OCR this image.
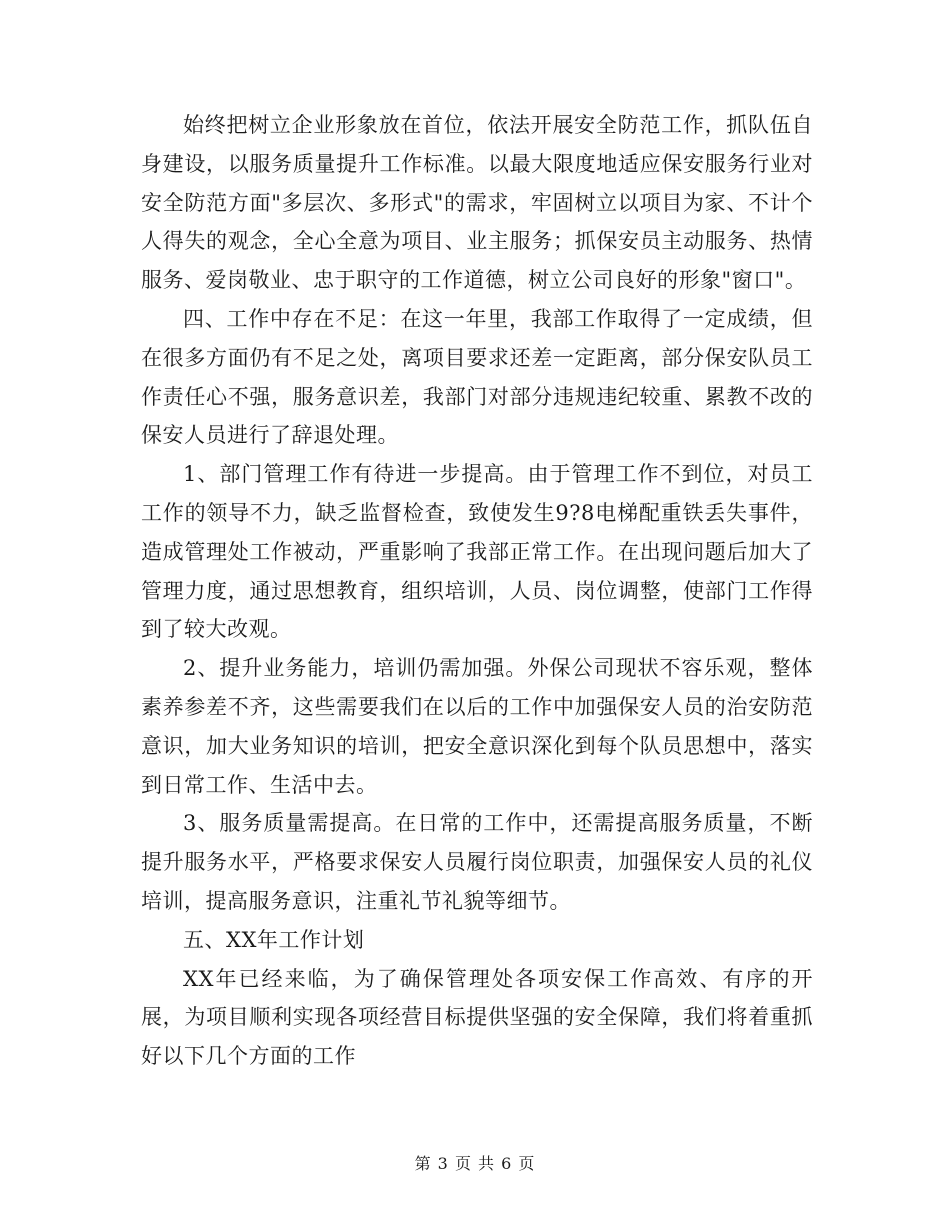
始终把树立企业形象放在首位，依法开展安全防范工作，抓队伍自身建设，以服务质量提升工作标准。以最大限度地适应保安服务行业对安全防范方面"多层次、多形式"的需求，牢固树立以项目为家、不计个人得失的观念，全心全意为项目、业主服务；抓保安员主动服务、热情服务、爱岗敬业、忠于职守的工作道德，树立公司良好的形象"窗口"。

四、工作中存在不足：在这一年里，我部工作取得了一定成绩，但在很多方面仍有不足之处，离项目要求还差一定距离，部分保安队员工作责任心不强，服务意识差，我部门对部分违规违纪较重、累教不改的保安人员进行了辞退处理。

1、部门管理工作有待进一步提高。由于管理工作不到位，对员工工作的领导不力，缺乏监督检查，致使发生9?8电梯配重铁丢失事件，造成管理处工作被动，严重影响了我部正常工作。在出现问题后加大了管理力度，通过思想教育，组织培训，人员、岗位调整，使部门工作得到了较大改观。

2、提升业务能力，培训仍需加强。外保公司现状不容乐观，整体素养参差不齐，这些需要我们在以后的工作中加强保安人员的治安防范意识，加大业务知识的培训，把安全意识深化到每个队员思想中，落实到日常工作、生活中去。

3、服务质量需提高。在日常的工作中，还需提高服务质量，不断提升服务水平，严格要求保安人员履行岗位职责，加强保安人员的礼仪培训，提高服务意识，注重礼节礼貌等细节。

五、XX年工作计划

XX年已经来临，为了确保管理处各项安保工作高效、有序的开展，为项目顺利实现各项经营目标提供坚强的安全保障，我们将着重抓好以下几个方面的工作

第 3 页 共 6 页
